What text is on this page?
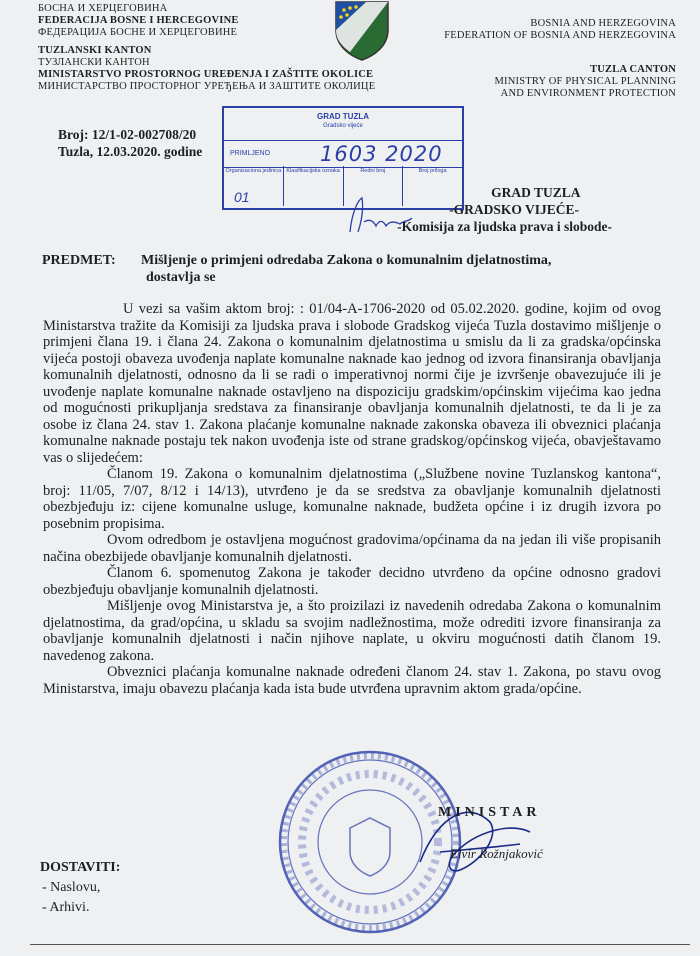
БОСНА И ХЕРЦЕГОВИНА
FEDERACIJA BOSNE I HERCEGOVINE
ФЕДЕРАЦИЈА БОСНЕ И ХЕРЦЕГОВИНЕ
TUZLANSKI KANTON
ТУЗЛАНСКИ КАНТОН
MINISTARSTVO PROSTORNOG UREĐENJA I ZAŠTITE OKOLICE
МИНИСТАРСТВО ПРОСТОРНОГ УРЕЂЕЊА И ЗАШТИТЕ ОКОЛИЦЕ
BOSNIA AND HERZEGOVINA
FEDERATION OF BOSNIA AND HERZEGOVINA
TUZLA CANTON
MINISTRY OF PHYSICAL PLANNING
AND ENVIRONMENT PROTECTION
Broj: 12/1-02-002708/20
Tuzla, 12.03.2020. godine
GRAD TUZLA
Gradsko vijeće
PRIMLJENO 1603 2020
Organizaciona jedinica
01
Klasifikacijska oznaka	Redni broj	Broj priloga
GRAD TUZLA
-GRADSKO VIJEĆE-
-Komisija za ljudska prava i slobode-
PREDMET: Mišljenje o primjeni odredaba Zakona o komunalnim djelatnostima,
dostavlja se

U vezi sa vašim aktom broj: : 01/04-A-1706-2020 od 05.02.2020. godine, kojim od ovog Ministarstva tražite da Komisiji za ljudska prava i slobode Gradskog vijeća Tuzla dostavimo mišljenje o primjeni člana 19. i člana 24. Zakona o komunalnim djelatnostima u smislu da li za gradska/općinska vijeća postoji obaveza uvođenja naplate komunalne naknade kao jednog od izvora finansiranja obavljanja komunalnih djelatnosti, odnosno da li se radi o imperativnoj normi čije je izvršenje obavezujuće ili je uvođenje naplate komunalne naknade ostavljeno na dispoziciju gradskim/općinskim vijećima kao jedna od mogućnosti prikupljanja sredstava za finansiranje obavljanja komunalnih djelatnosti, te da li je za osobe iz člana 24. stav 1. Zakona plaćanje komunalne naknade zakonska obaveza ili obveznici plaćanja komunalne naknade postaju tek nakon uvođenja iste od strane gradskog/općinskog vijeća, obavještavamo vas o slijedećem:

Članom 19. Zakona o komunalnim djelatnostima („Službene novine Tuzlanskog kantona“, broj: 11/05, 7/07, 8/12 i 14/13), utvrđeno je da se sredstva za obavljanje komunalnih djelatnosti obezbjeđuju iz: cijene komunalne usluge, komunalne naknade, budžeta općine i iz drugih izvora po posebnim propisima.

Ovom odredbom je ostavljena mogućnost gradovima/općinama da na jedan ili više propisanih načina obezbijede obavljanje komunalnih djelatnosti.

Članom 6. spomenutog Zakona je također decidno utvrđeno da općine odnosno gradovi obezbjeđuju obavljanje komunalnih djelatnosti.

Mišljenje ovog Ministarstva je, a što proizilazi iz navedenih odredaba Zakona o komunalnim djelatnostima, da grad/općina, u skladu sa svojim nadležnostima, može odrediti izvore finansiranja za obavljanje komunalnih djelatnosti i način njihove naplate, u okviru mogućnosti datih članom 19. navedenog zakona.

Obveznici plaćanja komunalne naknade određeni članom 24. stav 1. Zakona, po stavu ovog Ministarstva, imaju obavezu plaćanja kada ista bude utvrđena upravnim aktom grada/općine.

MINISTAR
Elvir Rožnjaković
DOSTAVITI:
- Naslovu,
- Arhivi.
